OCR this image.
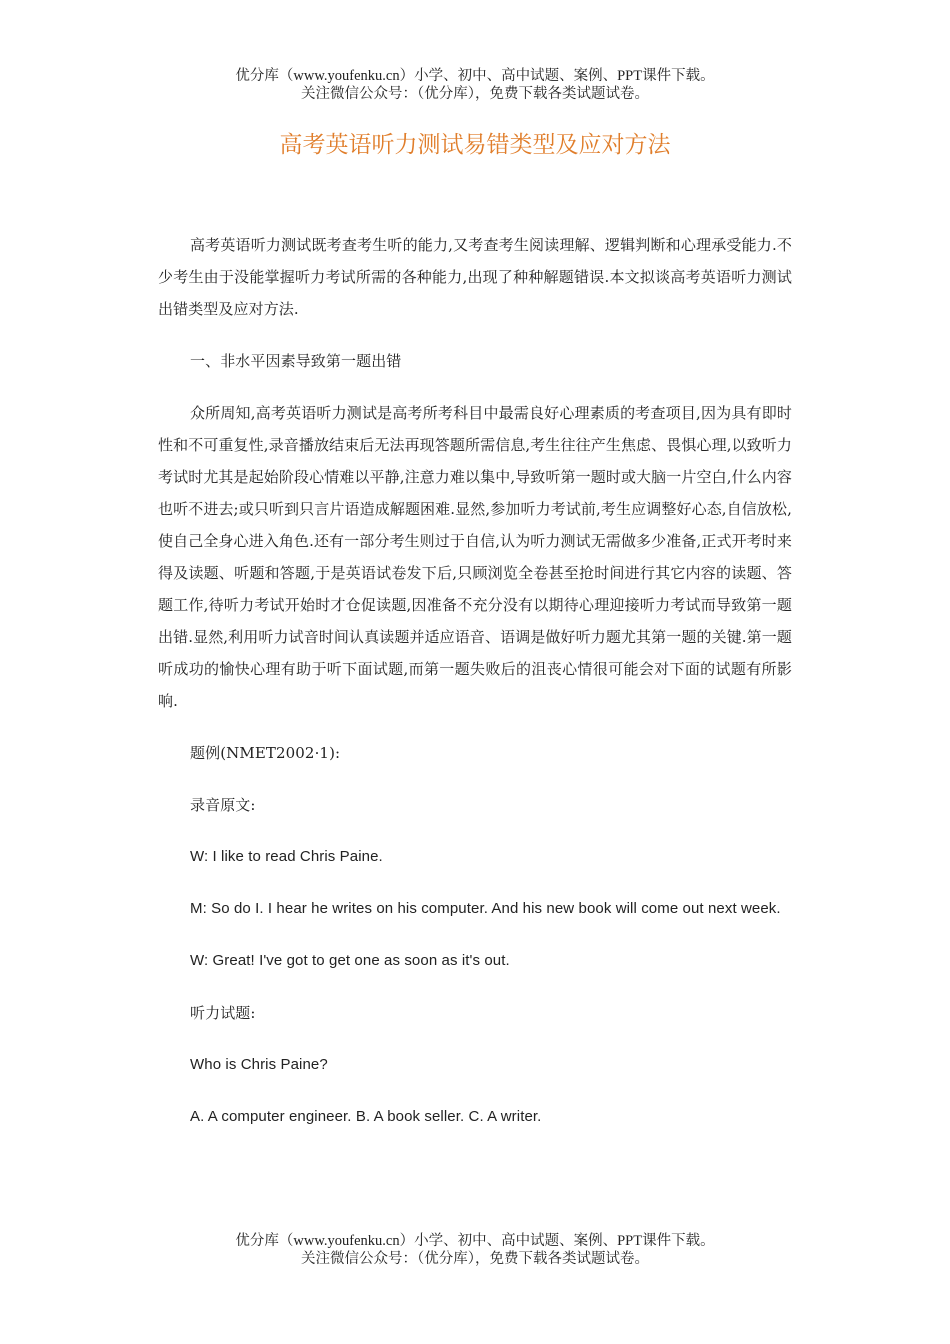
优分库（www.youfenku.cn）小学、初中、高中试题、案例、PPT课件下载。
关注微信公众号：（优分库），免费下载各类试题试卷。
高考英语听力测试易错类型及应对方法

高考英语听力测试既考查考生听的能力,又考查考生阅读理解、逻辑判断和心理承受能力.不少考生由于没能掌握听力考试所需的各种能力,出现了种种解题错误.本文拟谈高考英语听力测试出错类型及应对方法.

一、非水平因素导致第一题出错

众所周知,高考英语听力测试是高考所考科目中最需良好心理素质的考查项目,因为具有即时性和不可重复性,录音播放结束后无法再现答题所需信息,考生往往产生焦虑、畏惧心理,以致听力考试时尤其是起始阶段心情难以平静,注意力难以集中,导致听第一题时或大脑一片空白,什么内容也听不进去;或只听到只言片语造成解题困难.显然,参加听力考试前,考生应调整好心态,自信放松,使自己全身心进入角色.还有一部分考生则过于自信,认为听力测试无需做多少准备,正式开考时来得及读题、听题和答题,于是英语试卷发下后,只顾浏览全卷甚至抢时间进行其它内容的读题、答题工作,待听力考试开始时才仓促读题,因准备不充分没有以期待心理迎接听力考试而导致第一题出错.显然,利用听力试音时间认真读题并适应语音、语调是做好听力题尤其第一题的关键.第一题听成功的愉快心理有助于听下面试题,而第一题失败后的沮丧心情很可能会对下面的试题有所影响.

题例(NMET2002·1):

录音原文:

W: I like to read Chris Paine.

M: So do I. I hear he writes on his computer. And his new book will come out next week.

W: Great! I've got to get one as soon as it's out.

听力试题:

Who is Chris Paine?

A. A computer engineer. B. A book seller. C. A writer.

优分库（www.youfenku.cn）小学、初中、高中试题、案例、PPT课件下载。
关注微信公众号：（优分库），免费下载各类试题试卷。
